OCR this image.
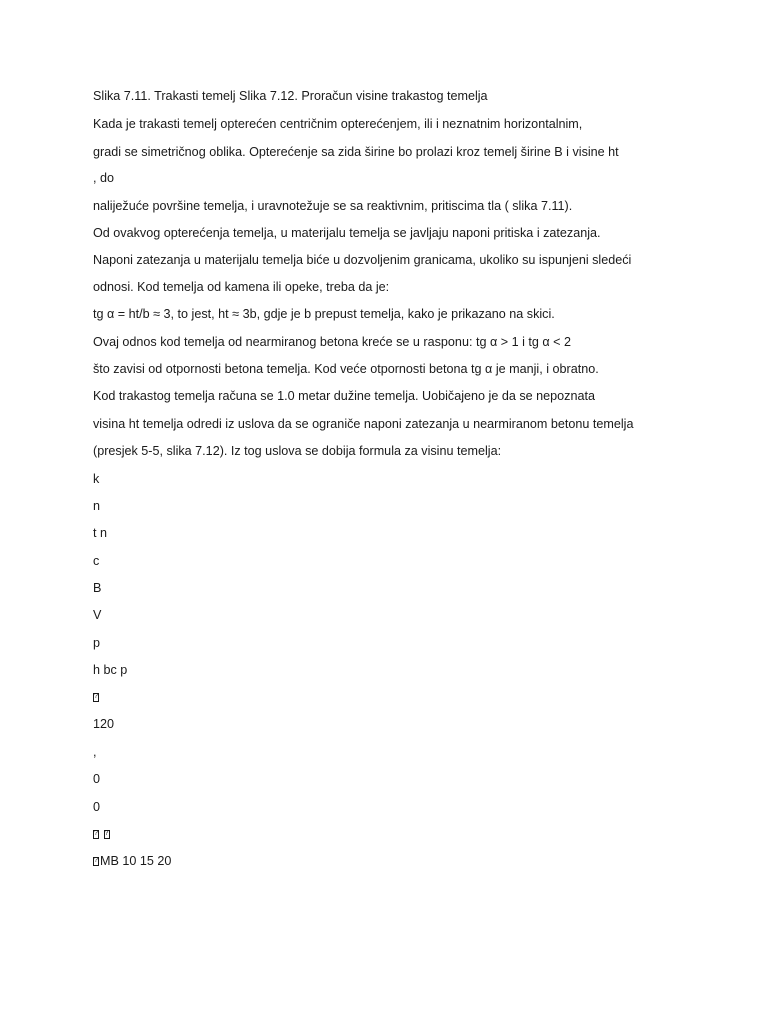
Slika 7.11. Trakasti temelj Slika 7.12. Proračun visine trakastog temelja

Kada je trakasti temelj opterećen centričnim opterećenjem, ili i neznatnim horizontalnim,

gradi se simetričnog oblika. Opterećenje sa zida širine bo prolazi kroz temelj širine B i visine ht

, do

naliježuće površine temelja, i uravnotežuje se sa reaktivnim, pritiscima tla ( slika 7.11).

Od ovakvog opterećenja temelja, u materijalu temelja se javljaju naponi pritiska i zatezanja.

Naponi zatezanja u materijalu temelja biće u dozvoljenim granicama, ukoliko su ispunjeni sledeći

odnosi. Kod temelja od kamena ili opeke, treba da je:

tg α = ht/b ≈ 3, to jest, ht ≈ 3b, gdje je b prepust temelja, kako je prikazano na skici.

Ovaj odnos kod temelja od nearmiranog betona kreće se u rasponu: tg α > 1 i tg α < 2

što zavisi od otpornosti betona temelja. Kod veće otpornosti betona tg α je manji, i obratno.

Kod trakastog temelja računa se 1.0 metar dužine temelja. Uobičajeno je da se nepoznata

visina ht temelja odredi iz uslova da se ograniče naponi zatezanja u nearmiranom betonu temelja

(presjek 5-5, slika 7.12). Iz tog uslova se dobija formula za visinu temelja:

k

n

t n

c

B

V

p

h bc p

?

120

,

0

0

? ?

?MB 10 15 20
